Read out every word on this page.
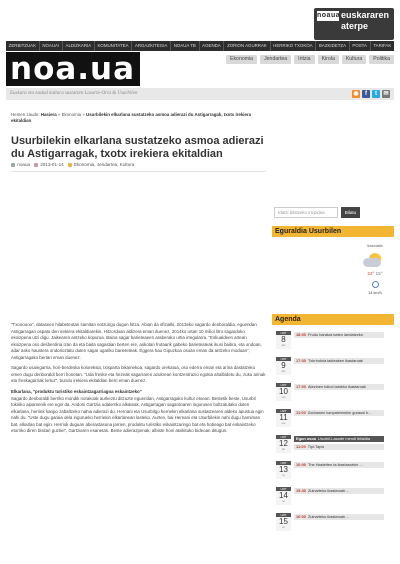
noaua euskararen
aterpe
ZERBITZUAK	NOAUA!	ALDIZKARIA	KOMUNITATEA	ARGAZKITEGIA	NOAUA TB	AGENDA	ZORION AGURRAK	HERRIKO TXOKOA	BAZKIDETZA	POSTA	TARIFAK
noa.ua	Ekonomia	Jendartea	Iritzia	Kirola	Kultura	Politika
Euskara eta euskal kultura sustatzen Lasarte-Oria & Usurbilen	◉	f	t	✉
Hemen zaude: Hasiera » Ekonomia » Usurbilekin elkarlana sustatzeko asmoa adierazi du Astigarragak, txotx irekiera ekitaldian
Usurbilekin elkarlana sustatzeko asmoa adierazi du Astigarragak, txotx irekiera ekitaldian
noaua 2013-01-14 Ekonomia, Jendartea, Kultura

"Txoooooo", dataseen hilabeteotan samitan entzungo dugun hitza. Abian da ofizialki, 2013eko sagardo denboraldia, egueridan Astigarragan ospatu den irekiera ekitaldiarekin. Hitzorduan aldizera eman duenez, 2014ko urtan 10 milioi litro sagardoko ekoizpena utzi digu. Jaikearen antzeko kopurua. Baina sagar barieteaeen araberako urtia irregularra. "Eskualdeen artean ekoizpena oso desberdina izan da eta baita sagastian berten ere, askotan frutaarik gabeko barieteateak ikusi baitira, eta ondoan, adar asko haustera ondorioztatu duten sagar ugariko barieteteak. Eggera hau Gipuzkoa osoan eman da antzeko moduan", Astigarragako bertan eman duenez.

Sagardo usaingarria, hori-berdeska koloreksia, txisparta bikainekoa, sagardo orekatua, oso ederra eman eta arina dastatzeko omen dugu denboraldi berri honetan. "Uda freske eta hezeak sagarraren azukrean kontzentrazio egokia ahalbidetu du, zuku arinak eta freskagarriak lortuz", burutu irekiera ekitaldian berri eman duenez.

Elkarlana, "produktu turistiko eskaintzagarriagoa eskaintzeko"

Sagardo denboraldi berriko mondik norakoak aurkeztu ditzuzte egueridan, Astigarragako kultur etxean. Bestetik beste, Usurbil tokiriko aipamenik ere egin da. Andoni Gartzia udalerriko alkateak, Astigarragan sagardoaren ingurusen bultzatutako duten elkarlana, herriek kanpo zabaltzeko nahia adierazi du. Hernani eta Usurbilgo herriekin elkarlana sustatzearen aldeko apustua egin nahi du. "Uste dugu garaia dela ingurueko herriekin elkarlanean lasteko. Aurten, bai Hernani eta Usurbilekin nahi dugu hamiman bat, elkarlan bat egin. Herriok duguan aberastasuna jarrien, produktu turistiko eskaintzaringo bat eta hobeago bat eskaintzeko etorriko diren bisitari guztiei", Gartziaren esanetan. Beste adierazpenak, albiste honi atxikituko bideoan ditugun.

Idatzi bilatzeko irizpidea	Bilatu
Eguraldia Usurbilen
Ikastolatik
22° 15°
14 km/h
Agenda
URT
8
ast
18:00 Frudu baratza baten landatzeko
URT
9
ast
17:30 Txirrindola taldeaken ikastaroak
URT
10
ost
17:00 Atezinen fulbol taldeko ikastaroak
URT
11
ost
11:00 Zonbanen kanpaleimekin gurasoi b...
URT
12
lar
Egun osoa Usurbil-Lasarte mendi ibilaldia
11:00 Tipi-Tapis
URT
13
ig
10:00 The Hasteiten ta ikastaroekin ...
URT
14
al
15:30 Zuinarteko ikastaroak ...
URT
15
ar
10:00 Zuinarteko ikastaroak ...
